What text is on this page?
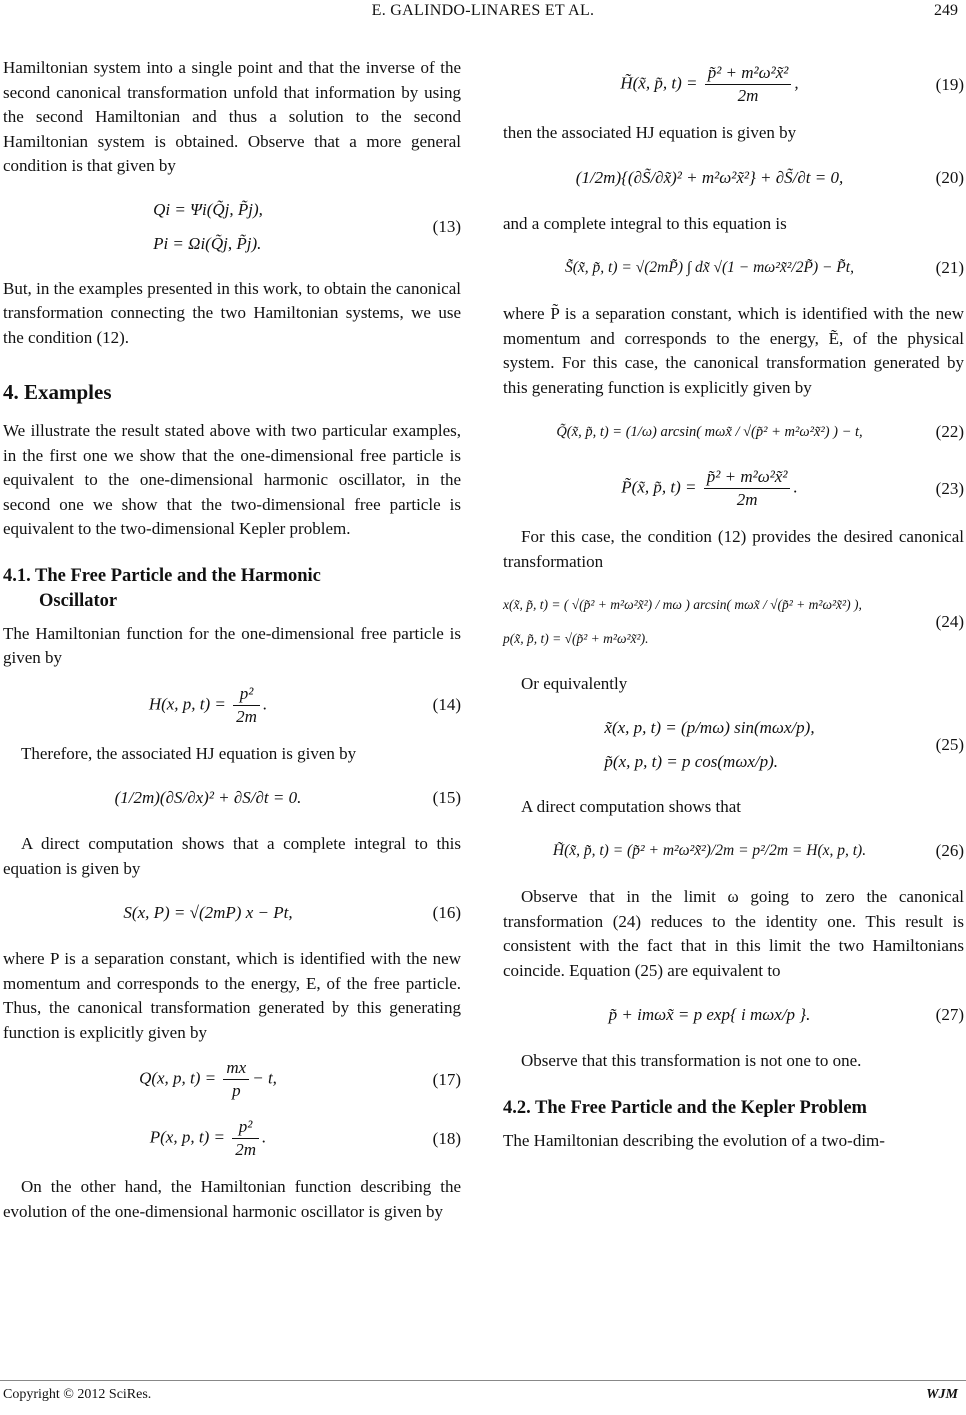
E. GALINDO-LINARES ET AL.	249

Hamiltonian system into a single point and that the inverse of the second canonical transformation unfold that information by using the second Hamiltonian and thus a solution to the second Hamiltonian system is obtained. Observe that a more general condition is that given by

Qi = Ψi(Q̃j, P̃j),
Pi = Ωi(Q̃j, P̃j).
(13)

But, in the examples presented in this work, to obtain the canonical transformation connecting the two Hamiltonian systems, we use the condition (12).

4. Examples

We illustrate the result stated above with two particular examples, in the first one we show that the one-dimensional free particle is equivalent to the one-dimensional harmonic oscillator, in the second one we show that the two-dimensional free particle is equivalent to the two-dimensional Kepler problem.

4.1. The Free Particle and the Harmonic
Oscillator

The Hamiltonian function for the one-dimensional free particle is given by

H(x, p, $t) = \frac{\text{p²}}{2m}$ .	(14)

Therefore, the associated HJ equation is given by

(1/2m)(∂S/∂x)² + ∂S/∂t = 0.	(15)

A direct computation shows that a complete integral to this equation is given by

S(x, P) = √(2mP) x − Pt,	(16)

where P is a separation constant, which is identified with the new momentum and corresponds to the energy, E, of the free particle. Thus, the canonical transformation generated by this generating function is explicitly given by

Q(x, p, $t) = \frac{mx}{p} - t$,	(17)
P(x, p, $t) = \frac{\text{p²}}{2m}$ .	(18)

On the other hand, the Hamiltonian function describing the evolution of the one-dimensional harmonic oscillator is given by

H̃(x̃, p̃, $t) = \frac{\text{p̃² + m²ω²x̃²}}{2m}$ ,	(19)

then the associated HJ equation is given by

(1/2m){(∂S̃/∂x̃)² + m²ω²x̃²} + ∂S̃/∂t = 0,	(20)

and a complete integral to this equation is

S̃(x̃, p̃, t) = √(2mP̃) ∫ dx̃ √(1 − mω²x̃²/2P̃) − P̃t,	(21)

where P̃ is a separation constant, which is identified with the new momentum and corresponds to the energy, Ẽ, of the physical system. For this case, the canonical transformation generated by this generating function is explicitly given by

Q̃(x̃, p̃, t) = (1/ω) arcsin( mωx̃ / √(p̃² + m²ω²x̃²) ) − t,	(22)
P̃(x̃, p̃, $t) = \frac{\text{p̃² + m²ω²x̃²}}{2m}$ .	(23)

For this case, the condition (12) provides the desired canonical transformation

x(x̃, p̃, t) = ( √(p̃² + m²ω²x̃²) / mω ) arcsin( mωx̃ / √(p̃² + m²ω²x̃²) ),
p(x̃, p̃, t) = √(p̃² + m²ω²x̃²).
(24)

Or equivalently

x̃(x, p, t) = (p/mω) sin(mωx/p),
p̃(x, p, t) = p cos(mωx/p).
(25)

A direct computation shows that

H̃(x̃, p̃, t) = (p̃² + m²ω²x̃²)/2m = p²/2m = H(x, p, t).	(26)

Observe that in the limit ω going to zero the canonical transformation (24) reduces to the identity one. This result is consistent with the fact that in this limit the two Hamiltonians coincide. Equation (25) are equivalent to

p̃ + imωx̃ = p exp{ i mωx/p }.	(27)

Observe that this transformation is not one to one.

4.2. The Free Particle and the Kepler Problem

The Hamiltonian describing the evolution of a two-dim-

Copyright © 2012 SciRes.	WJM
